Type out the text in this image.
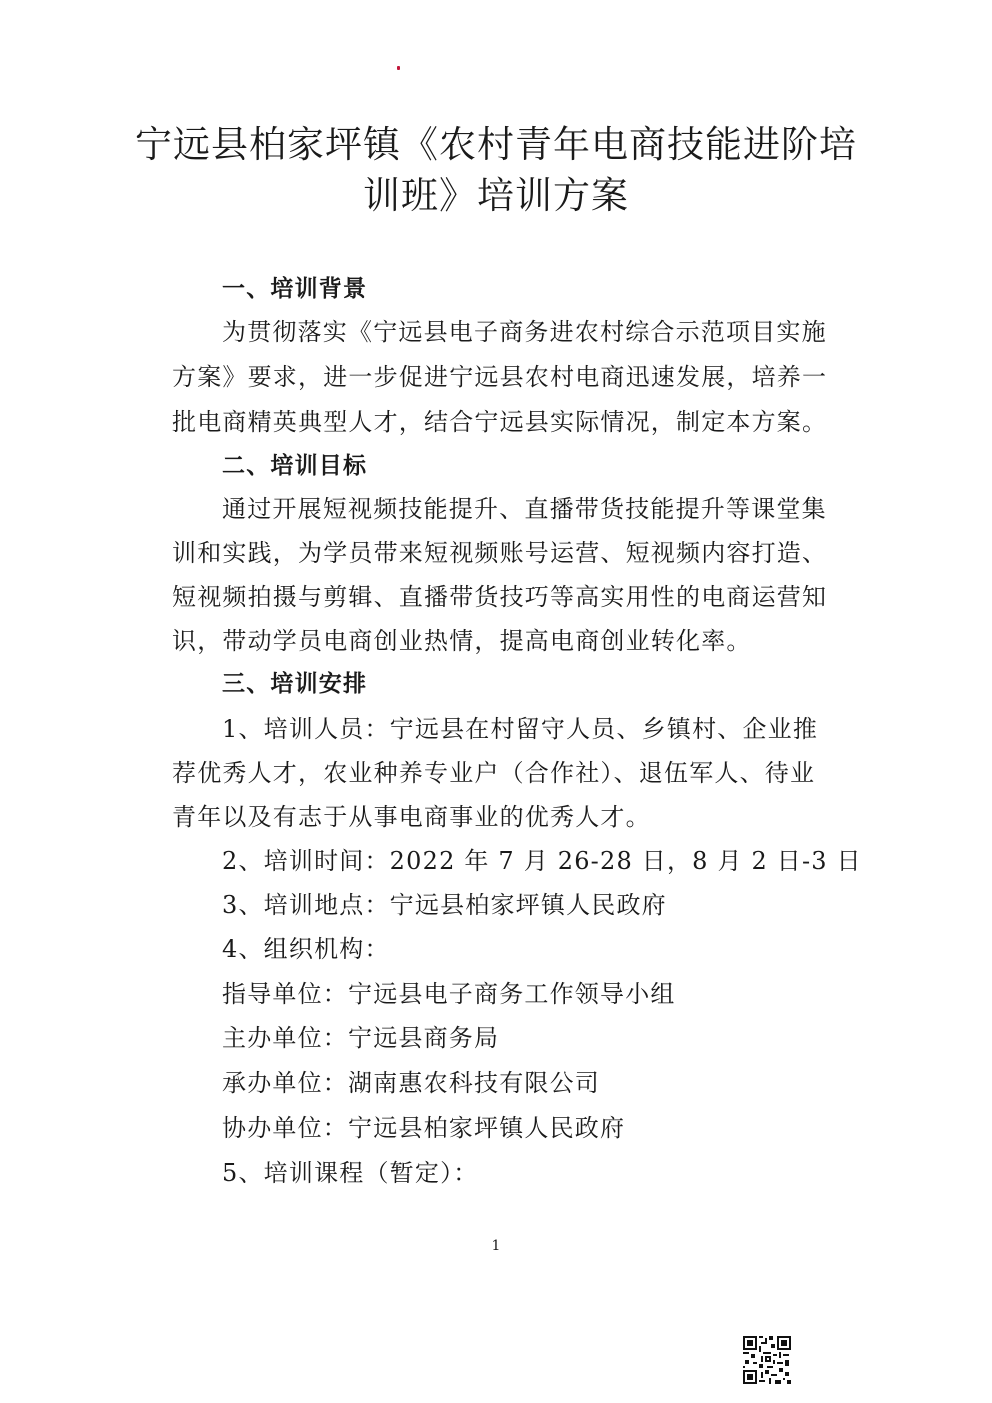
宁远县柏家坪镇《农村青年电商技能进阶培
训班》培训方案
一、培训背景
为贯彻落实《宁远县电子商务进农村综合示范项目实施
方案》要求，进一步促进宁远县农村电商迅速发展，培养一
批电商精英典型人才，结合宁远县实际情况，制定本方案。
二、培训目标
通过开展短视频技能提升、直播带货技能提升等课堂集
训和实践，为学员带来短视频账号运营、短视频内容打造、
短视频拍摄与剪辑、直播带货技巧等高实用性的电商运营知
识，带动学员电商创业热情，提高电商创业转化率。
三、培训安排
1、培训人员：宁远县在村留守人员、乡镇村、企业推
荐优秀人才，农业种养专业户（合作社）、退伍军人、待业
青年以及有志于从事电商事业的优秀人才。
2、培训时间：2022 年 7 月 26-28 日，8 月 2 日-3 日
3、培训地点：宁远县柏家坪镇人民政府
4、组织机构：
指导单位：宁远县电子商务工作领导小组
主办单位：宁远县商务局
承办单位：湖南惠农科技有限公司
协办单位：宁远县柏家坪镇人民政府
5、培训课程（暂定）：
1
